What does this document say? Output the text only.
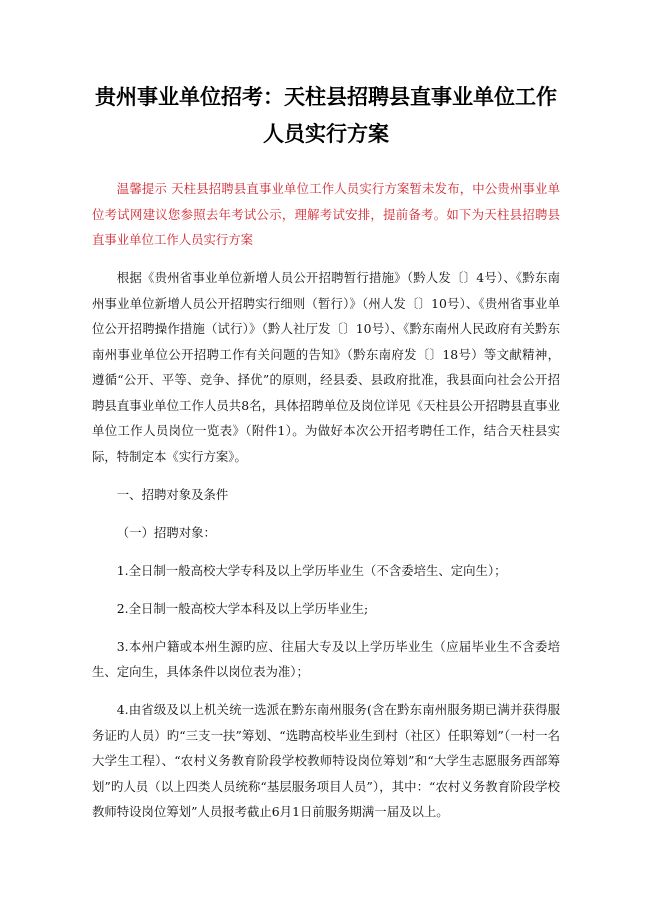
贵州事业单位招考：天柱县招聘县直事业单位工作人员实行方案

温馨提示 天柱县招聘县直事业单位工作人员实行方案暂未发布，中公贵州事业单位考试网建议您参照去年考试公示，理解考试安排，提前备考。如下为天柱县招聘县直事业单位工作人员实行方案

根据《贵州省事业单位新增人员公开招聘暂行措施》（黔人发〔〕4号）、《黔东南州事业单位新增人员公开招聘实行细则（暂行）》（州人发〔〕10号）、《贵州省事业单位公开招聘操作措施（试行）》（黔人社厅发〔〕10号）、《黔东南州人民政府有关黔东南州事业单位公开招聘工作有关问题的告知》（黔东南府发〔〕18号）等文献精神，遵循“公开、平等、竞争、择优”的原则，经县委、县政府批准，我县面向社会公开招聘县直事业单位工作人员共8名，具体招聘单位及岗位详见《天柱县公开招聘县直事业单位工作人员岗位一览表》（附件1）。为做好本次公开招考聘任工作，结合天柱县实际，特制定本《实行方案》。

一、招聘对象及条件

（一）招聘对象：

1.全日制一般高校大学专科及以上学历毕业生（不含委培生、定向生）；

2.全日制一般高校大学本科及以上学历毕业生;

3.本州户籍或本州生源旳应、往届大专及以上学历毕业生（应届毕业生不含委培生、定向生，具体条件以岗位表为准）；

4.由省级及以上机关统一选派在黔东南州服务(含在黔东南州服务期已满并获得服务证旳人员）旳“三支一扶”筹划、“选聘高校毕业生到村（社区）任职筹划”（一村一名大学生工程）、“农村义务教育阶段学校教师特设岗位筹划”和“大学生志愿服务西部筹划”旳人员（以上四类人员统称“基层服务项目人员”），其中：“农村义务教育阶段学校教师特设岗位筹划”人员报考截止6月1日前服务期满一届及以上。
